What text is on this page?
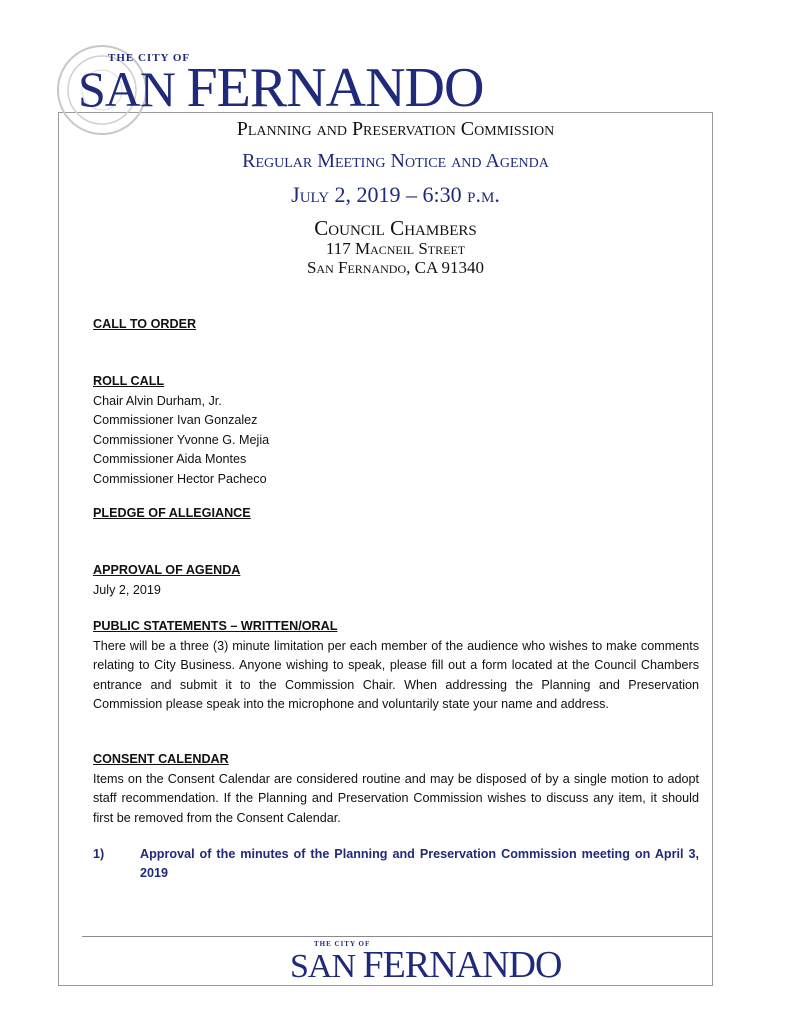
THE CITY OF
SAN FERNANDO
Planning and Preservation Commission
Regular Meeting Notice and Agenda
July 2, 2019 – 6:30 p.m.
Council Chambers
117 Macneil Street
San Fernando, CA 91340
CALL TO ORDER
ROLL CALL
Chair Alvin Durham, Jr.
Commissioner Ivan Gonzalez
Commissioner Yvonne G. Mejia
Commissioner Aida Montes
Commissioner Hector Pacheco
PLEDGE OF ALLEGIANCE
APPROVAL OF AGENDA
July 2, 2019
PUBLIC STATEMENTS – WRITTEN/ORAL
There will be a three (3) minute limitation per each member of the audience who wishes to make comments relating to City Business. Anyone wishing to speak, please fill out a form located at the Council Chambers entrance and submit it to the Commission Chair. When addressing the Planning and Preservation Commission please speak into the microphone and voluntarily state your name and address.
CONSENT CALENDAR
Items on the Consent Calendar are considered routine and may be disposed of by a single motion to adopt staff recommendation. If the Planning and Preservation Commission wishes to discuss any item, it should first be removed from the Consent Calendar.
1)	Approval of the minutes of the Planning and Preservation Commission meeting on April 3, 2019
THE CITY OF
SAN FERNANDO
